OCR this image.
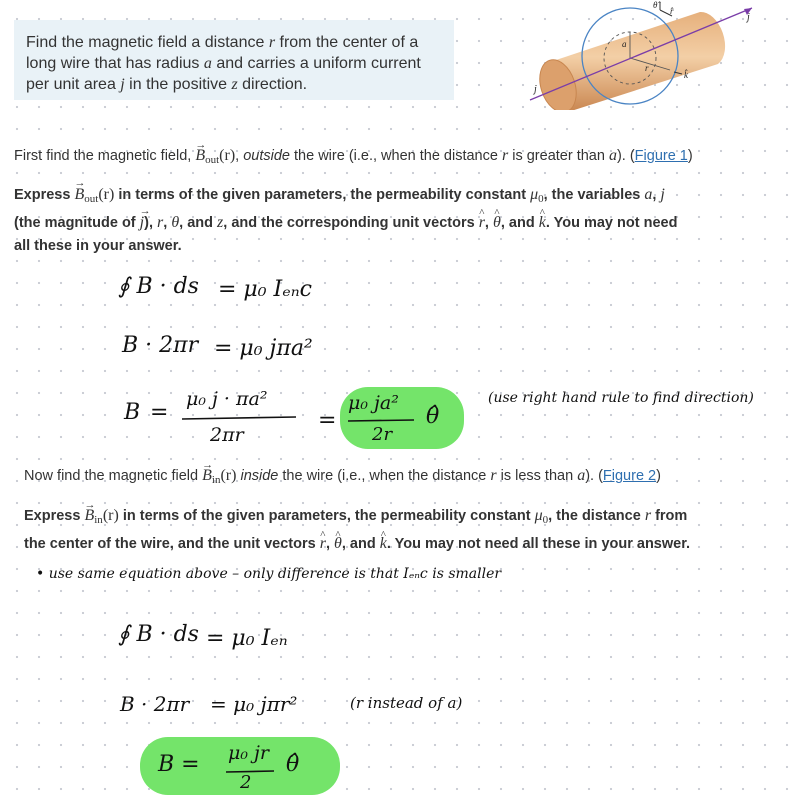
Find the magnetic field a distance r from the center of a long wire that has radius a and carries a uniform current per unit area j in the positive z direction.
θ̂
r̂
j
j
a
r
k̂
First find the magnetic field, → $B_{out}(r)$, outside the wire (i.e., when the distance r is greater than a). (Figure 1)
Express → $B_{out}(r)$ in terms of the given parameters, the permeability constant $\mu_0$, the variables a, j
(the magnitude of → j), r, θ, and z, and the corresponding unit vectors ^ r, ^ θ, and ^ k. You may not need
all these in your answer.
∮ B · ds = μ₀ Iₑₙc
B · 2πr = μ₀ jπa²
B =
μ₀ j · πa²
2πr
=
μ₀ ja²
2r
θ̂
(use right hand rule to find direction)
Now find the magnetic field → $B_{in}(r)$ inside the wire (i.e., when the distance r is less than a). (Figure 2)
Express → $B_{in}(r)$ in terms of the given parameters, the permeability constant $\mu_0$, the distance r from
the center of the wire, and the unit vectors ^ r, ^ θ, and ^ k. You may not need all these in your answer.
• use same equation above – only difference is that Iₑₙc is smaller
∮ B · ds = μ₀ Iₑₙ
B · 2πr = μ₀ jπr²	(r instead of a)
B = μ₀ jr
2
θ̂
